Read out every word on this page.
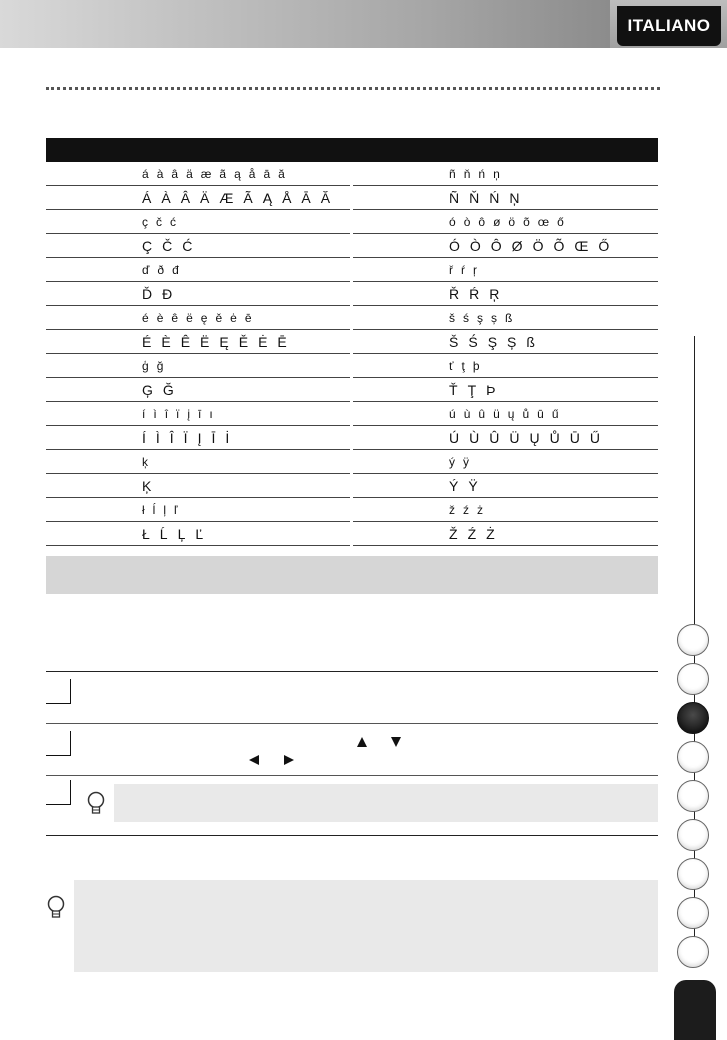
ITALIANO

	á à â ä æ ã ą å ā ă			ñ ň ń ņ
	Á À Â Ä Æ Ã Ą Å Ā Ă			Ñ Ň Ń Ņ
	ç č ć			ó ò ô ø ö õ œ ő
	Ç Č Ć			Ó Ò Ô Ø Ö Õ Œ Ő
	ď ð đ			ř ŕ ŗ
	Ď Đ			Ř Ŕ Ŗ
	é è ê ë ę ě ė ē			š ś ş ș ß
	É È Ê Ë Ę Ě Ė Ē			Š Ś Ş Ș ß
	ģ ğ			ť ţ þ
	Ģ Ğ			Ť Ţ Þ
	í ì î ï į ī ı			ú ù û ü ų ů ū ű
	Í Ì Î Ï Į Ī İ			Ú Ù Û Ü Ų Ů Ū Ű
	ķ			ý ÿ
	Ķ			Ý Ÿ
	ł ĺ ļ ľ			ž ź ż
	Ł Ĺ Ļ Ľ			Ž Ź Ż
